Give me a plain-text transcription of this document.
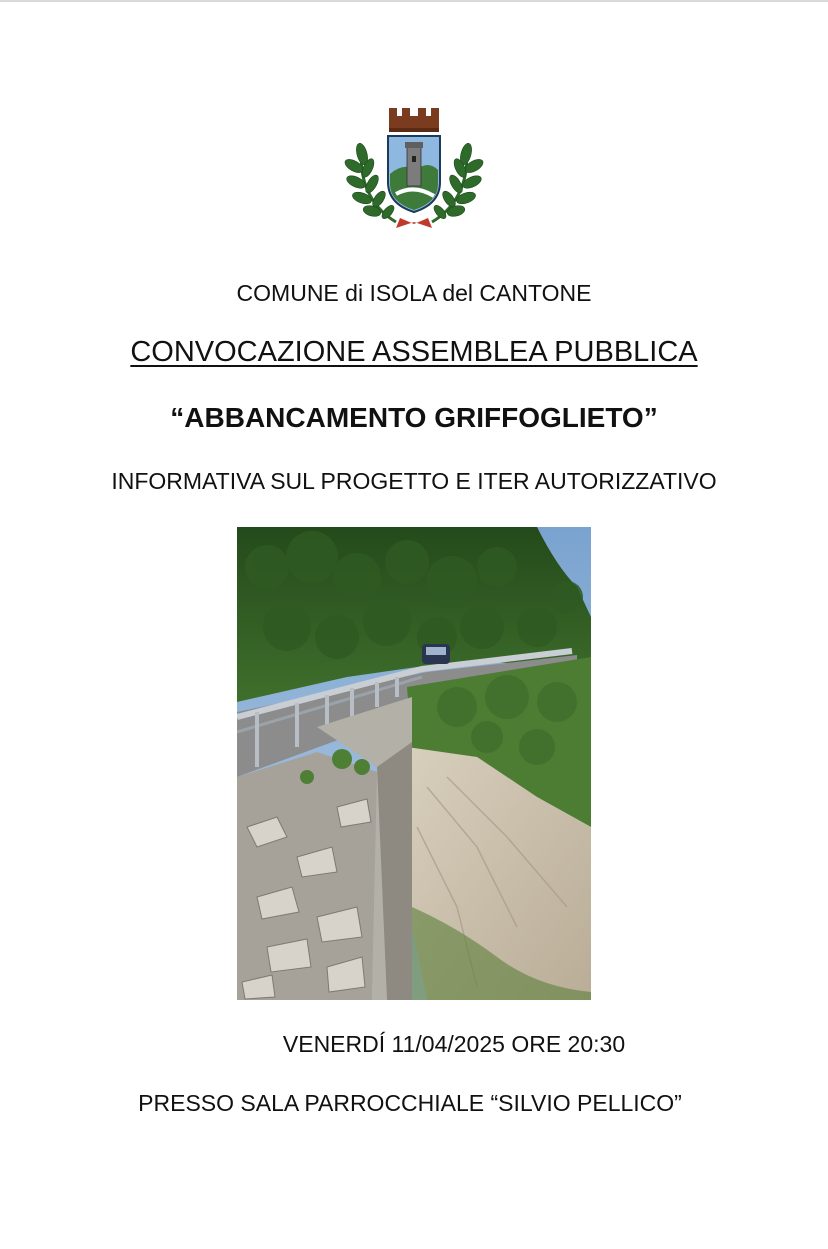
COMUNE di ISOLA del CANTONE
CONVOCAZIONE ASSEMBLEA PUBBLICA
“ABBANCAMENTO GRIFFOGLIETO”
INFORMATIVA SUL PROGETTO E ITER AUTORIZZATIVO
VENERDÍ 11/04/2025 ORE 20:30
PRESSO SALA PARROCCHIALE “SILVIO PELLICO”
